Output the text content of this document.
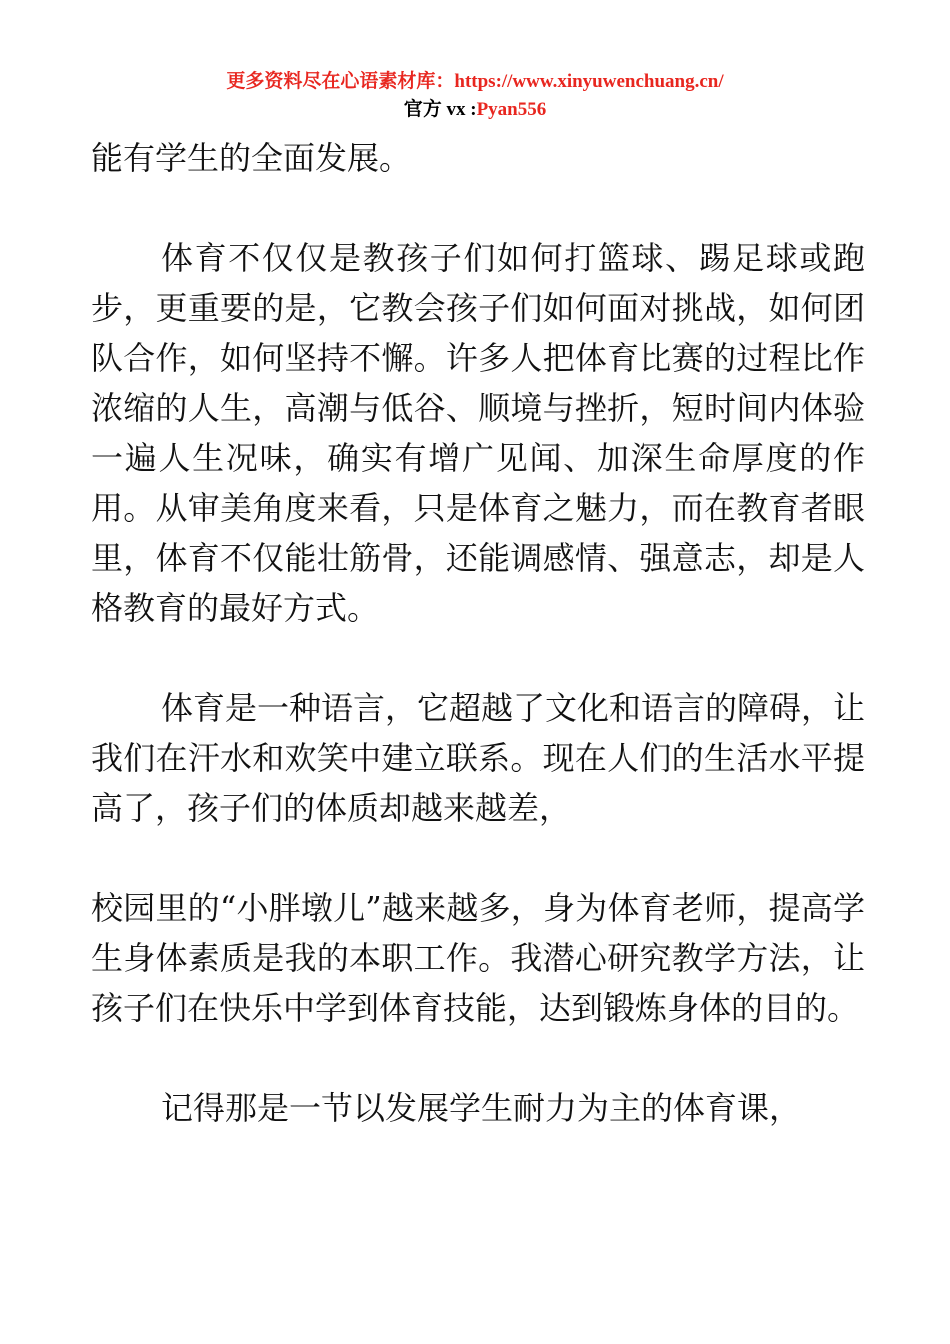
更多资料尽在心语素材库：https://www.xinyuwenchuang.cn/
官方 vx :Pyan556

能有学生的全面发展。

体育不仅仅是教孩子们如何打篮球、踢足球或跑步，更重要的是，它教会孩子们如何面对挑战，如何团队合作，如何坚持不懈。许多人把体育比赛的过程比作浓缩的人生，高潮与低谷、顺境与挫折，短时间内体验一遍人生况味，确实有增广见闻、加深生命厚度的作用。从审美角度来看，只是体育之魅力，而在教育者眼里，体育不仅能壮筋骨，还能调感情、强意志，却是人格教育的最好方式。

体育是一种语言，它超越了文化和语言的障碍，让我们在汗水和欢笑中建立联系。现在人们的生活水平提高了，孩子们的体质却越来越差，

校园里的“小胖墩儿”越来越多，身为体育老师，提高学生身体素质是我的本职工作。我潜心研究教学方法，让孩子们在快乐中学到体育技能，达到锻炼身体的目的。

记得那是一节以发展学生耐力为主的体育课，
